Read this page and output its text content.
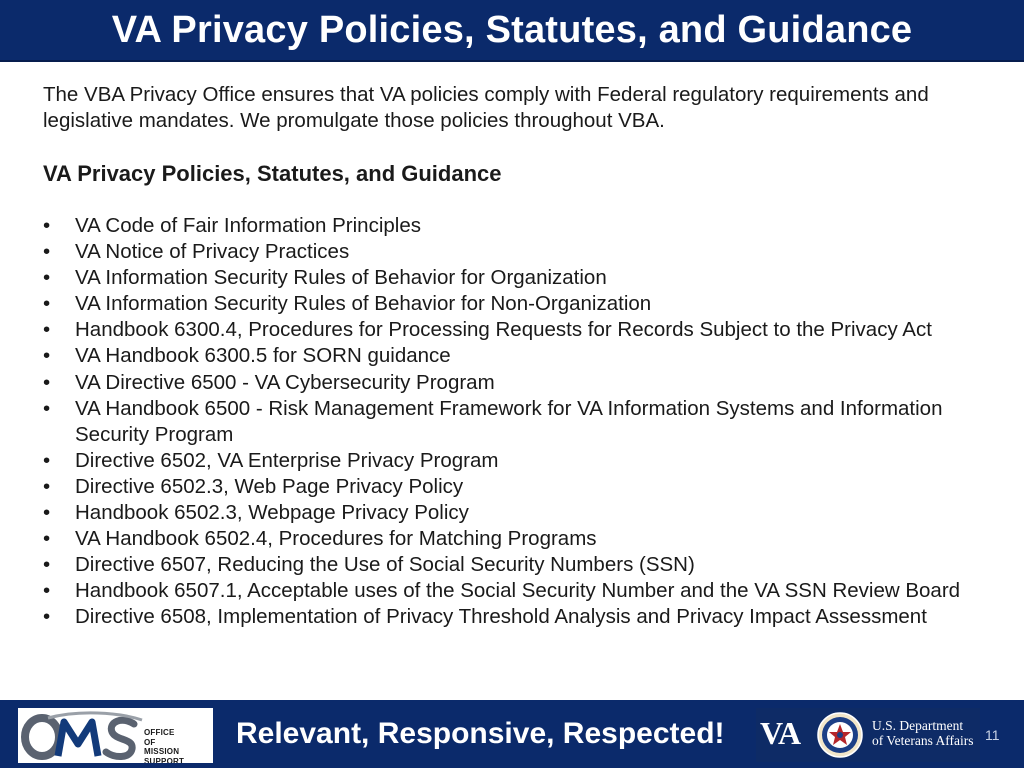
VA Privacy Policies, Statutes, and Guidance

The VBA Privacy Office ensures that VA policies comply with Federal regulatory requirements and legislative mandates. We promulgate those policies throughout VBA.

VA Privacy Policies, Statutes, and Guidance
•	VA Code of Fair Information Principles
•	VA Notice of Privacy Practices
•	VA Information Security Rules of Behavior for Organization
•	VA Information Security Rules of Behavior for Non-Organization
•	Handbook 6300.4, Procedures for Processing Requests for Records Subject to the Privacy Act
•	VA Handbook 6300.5 for SORN guidance
•	VA Directive 6500 - VA Cybersecurity Program
•	VA Handbook 6500 - Risk Management Framework for VA Information Systems and Information Security Program
•	Directive 6502, VA Enterprise Privacy Program
•	Directive 6502.3, Web Page Privacy Policy
•	Handbook 6502.3, Webpage Privacy Policy
•	VA Handbook 6502.4, Procedures for Matching Programs
•	Directive 6507, Reducing the Use of Social Security Numbers (SSN)
•	Handbook 6507.1, Acceptable uses of the Social Security Number and the VA SSN Review Board
•	Directive 6508, Implementation of Privacy Threshold Analysis and Privacy Impact Assessment
OFFICE
OF
MISSION SUPPORT
Relevant, Responsive, Respected! VA	U.S. Department
of Veterans Affairs 11
